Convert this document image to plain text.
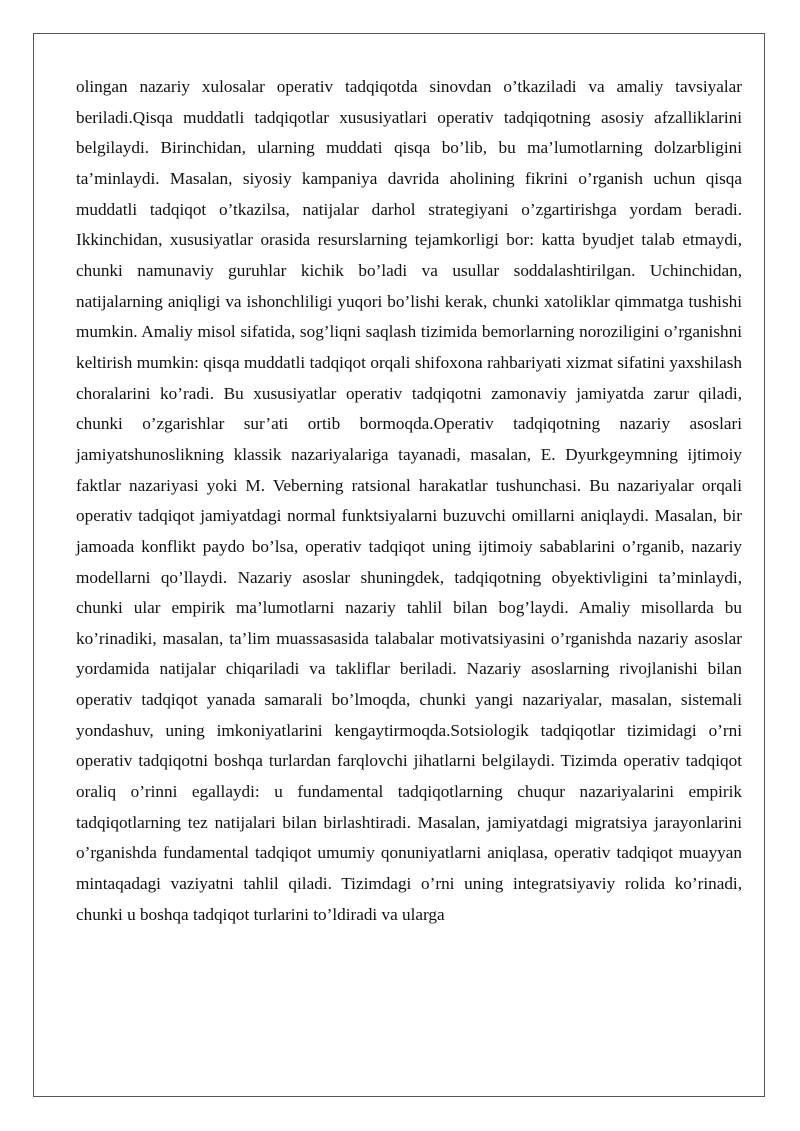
olingan nazariy xulosalar operativ tadqiqotda sinovdan o’tkaziladi va amaliy tavsiyalar beriladi.Qisqa muddatli tadqiqotlar xususiyatlari operativ tadqiqotning asosiy afzalliklarini belgilaydi. Birinchidan, ularning muddati qisqa bo’lib, bu ma’lumotlarning dolzarbligini ta’minlaydi. Masalan, siyosiy kampaniya davrida aholining fikrini o’rganish uchun qisqa muddatli tadqiqot o’tkazilsa, natijalar darhol strategiyani o’zgartirishga yordam beradi. Ikkinchidan, xususiyatlar orasida resurslarning tejamkorligi bor: katta byudjet talab etmaydi, chunki namunaviy guruhlar kichik bo’ladi va usullar soddalashtirilgan. Uchinchidan, natijalarning aniqligi va ishonchliligi yuqori bo’lishi kerak, chunki xatoliklar qimmatga tushishi mumkin. Amaliy misol sifatida, sog’liqni saqlash tizimida bemorlarning noroziligini o’rganishni keltirish mumkin: qisqa muddatli tadqiqot orqali shifoxona rahbariyati xizmat sifatini yaxshilash choralarini ko’radi. Bu xususiyatlar operativ tadqiqotni zamonaviy jamiyatda zarur qiladi, chunki o’zgarishlar sur’ati ortib bormoqda.Operativ tadqiqotning nazariy asoslari jamiyatshunoslikning klassik nazariyalariga tayanadi, masalan, E. Dyurkgeymning ijtimoiy faktlar nazariyasi yoki M. Veberning ratsional harakatlar tushunchasi. Bu nazariyalar orqali operativ tadqiqot jamiyatdagi normal funktsiyalarni buzuvchi omillarni aniqlaydi. Masalan, bir jamoada konflikt paydo bo’lsa, operativ tadqiqot uning ijtimoiy sabablarini o’rganib, nazariy modellarni qo’llaydi. Nazariy asoslar shuningdek, tadqiqotning obyektivligini ta’minlaydi, chunki ular empirik ma’lumotlarni nazariy tahlil bilan bog’laydi. Amaliy misollarda bu ko’rinadiki, masalan, ta’lim muassasasida talabalar motivatsiyasini o’rganishda nazariy asoslar yordamida natijalar chiqariladi va takliflar beriladi. Nazariy asoslarning rivojlanishi bilan operativ tadqiqot yanada samarali bo’lmoqda, chunki yangi nazariyalar, masalan, sistemali yondashuv, uning imkoniyatlarini kengaytirmoqda.Sotsiologik tadqiqotlar tizimidagi o’rni operativ tadqiqotni boshqa turlardan farqlovchi jihatlarni belgilaydi. Tizimda operativ tadqiqot oraliq o’rinni egallaydi: u fundamental tadqiqotlarning chuqur nazariyalarini empirik tadqiqotlarning tez natijalari bilan birlashtiradi. Masalan, jamiyatdagi migratsiya jarayonlarini o’rganishda fundamental tadqiqot umumiy qonuniyatlarni aniqlasa, operativ tadqiqot muayyan mintaqadagi vaziyatni tahlil qiladi. Tizimdagi o’rni uning integratsiyaviy rolida ko’rinadi, chunki u boshqa tadqiqot turlarini to’ldiradi va ularga
